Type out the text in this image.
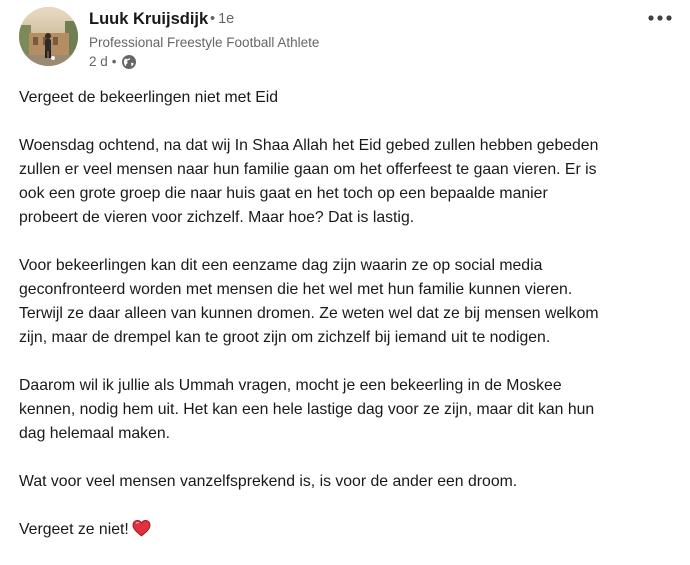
Luuk Kruijsdijk • 1e
Professional Freestyle Football Athlete
2 d •

Vergeet de bekeerlingen niet met Eid

Woensdag ochtend, na dat wij In Shaa Allah het Eid gebed zullen hebben gebeden
zullen er veel mensen naar hun familie gaan om het offerfeest te gaan vieren. Er is
ook een grote groep die naar huis gaat en het toch op een bepaalde manier
probeert de vieren voor zichzelf. Maar hoe? Dat is lastig.

Voor bekeerlingen kan dit een eenzame dag zijn waarin ze op social media
geconfronteerd worden met mensen die het wel met hun familie kunnen vieren.
Terwijl ze daar alleen van kunnen dromen. Ze weten wel dat ze bij mensen welkom
zijn, maar de drempel kan te groot zijn om zichzelf bij iemand uit te nodigen.

Daarom wil ik jullie als Ummah vragen, mocht je een bekeerling in de Moskee
kennen, nodig hem uit. Het kan een hele lastige dag voor ze zijn, maar dit kan hun
dag helemaal maken.

Wat voor veel mensen vanzelfsprekend is, is voor de ander een droom.

Vergeet ze niet!
